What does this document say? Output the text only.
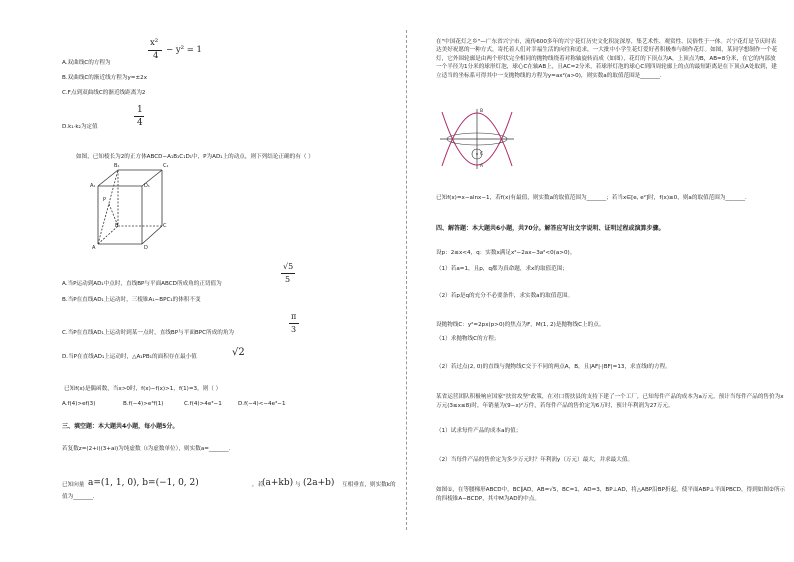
x²
4
− y² = 1
A.双曲线C的方程为
B.双曲线C的渐近线方程为y=±2x
C.F点到双曲线C的渐近线距离为2
D.k₁·k₂为定值
1
4
如图，已知棱长为2的正方体ABCD−A₁B₁C₁D₁中，P为AD₁上的动点，则下列结论正确的有（ ）
B₁	C₁
A₁	D₁
P
B	C
A	D
A.当P运动到AD₁中点时，直线BP与平面ABCD所成角的正切值为
√5
5
B.当P在直线AD₁上运动时，三棱锥A₁−BPC₁的体积不变
C.当P在直线AD₁上运动时到某一点时，直线BP与平面BPC所成的角为
π
3
D.当P在直线AD₁上运动时，△A₁PB₁的面积存在最小值	√2
已知f(x)是偶函数，当x>0时，f(x)−f(x)>1，f(1)=3，则（ ）
A.f(4)>ef(3)	B.f(−4)>e³f(1)	C.f(4)>4e³−1	D.f(−4)<−4e³−1
三、填空题：本大题共4小题，每小题5分。
若复数z=(2+i)(3+ai)为纯虚数（i为虚数单位），则实数a=_______.
已知向量 a=(1, 1, 0), b=(−1, 0, 2)	，若
(a+kb) 与 (2a+b) 互相垂直，则实数k的
值为_______.
在"中国花灯之乡"—广东省兴宁市，流传600多年的兴宁花灯历史文化积淀深厚，集艺术性、观赏性、民俗性于一体。兴宁花灯是节庆时表达美好祝愿的一种方式，寄托着人们对幸福生活的向往和追求，一大批中小学生花灯爱好者积极参与制作花灯。如图，某同学想制作一个花灯，它外围轮廓是由两个形状完全相同的抛物线绕着对称轴旋转而成（如图），花灯的下顶点为A，上顶点为B，AB=8分米，在它的内部放一个半径为1分米的球形灯泡，球心C在轴AB上，且AC=2分米，若球形灯泡的球心C到四周轮廓上的点的最短距离是在下顶点A处取到，建立适当的坐标系可得其中一支抛物线的方程为y=ax²(a>0)，则实数a的取值范围是_______.
B
C
A
已知f(x)=x−alnx−1，若f(x)有最值，则实数a的取值范围为_______；若当x∈[e, e²]时，f(x)≥0，则a的取值范围为_______.
四、解答题：本大题共6小题，共70分。解答应写出文字说明、证明过程或演算步骤。
设p：2≤x<4，q：实数x满足x²−2ax−3a²<0(a>0)。
（1）若a=1，且p，q都为真命题，求x的取值范围；
（2）若p是q的充分不必要条件，求实数a的取值范围。
设抛物线C：y²=2px(p>0)的焦点为F，M(1, 2)是抛物线C上的点。
（1）求抛物线C的方程；
（2）若过点(2, 0)的直线与抛物线C交于不同的两点A，B，且|AF|·|BF|=13，求直线l的方程。
某省运营团队积极响应国家"扶贫攻坚"政策，在对口帮扶县的支持下建了一个工厂，已知每件产品的成本为a万元，预计当每件产品的售价为x万元(3≤x≤8)时，年销量为(9−x)²万件，若每件产品的售价定为6万时，预计年利润为27万元。
（1）试求每件产品的成本a的值；
（2）当每件产品的售价定为多少万元时？年利润y（万元）最大，并求最大值。
如图①，在等腰梯形ABCD中，BC∥AD，AB=√5，BC=1，AD=3，BP⊥AD，将△ABP沿BP折起，使平面ABP⊥平面PBCD，得到如图②所示的四棱锥A−BCDP，其中M为AD的中点。
